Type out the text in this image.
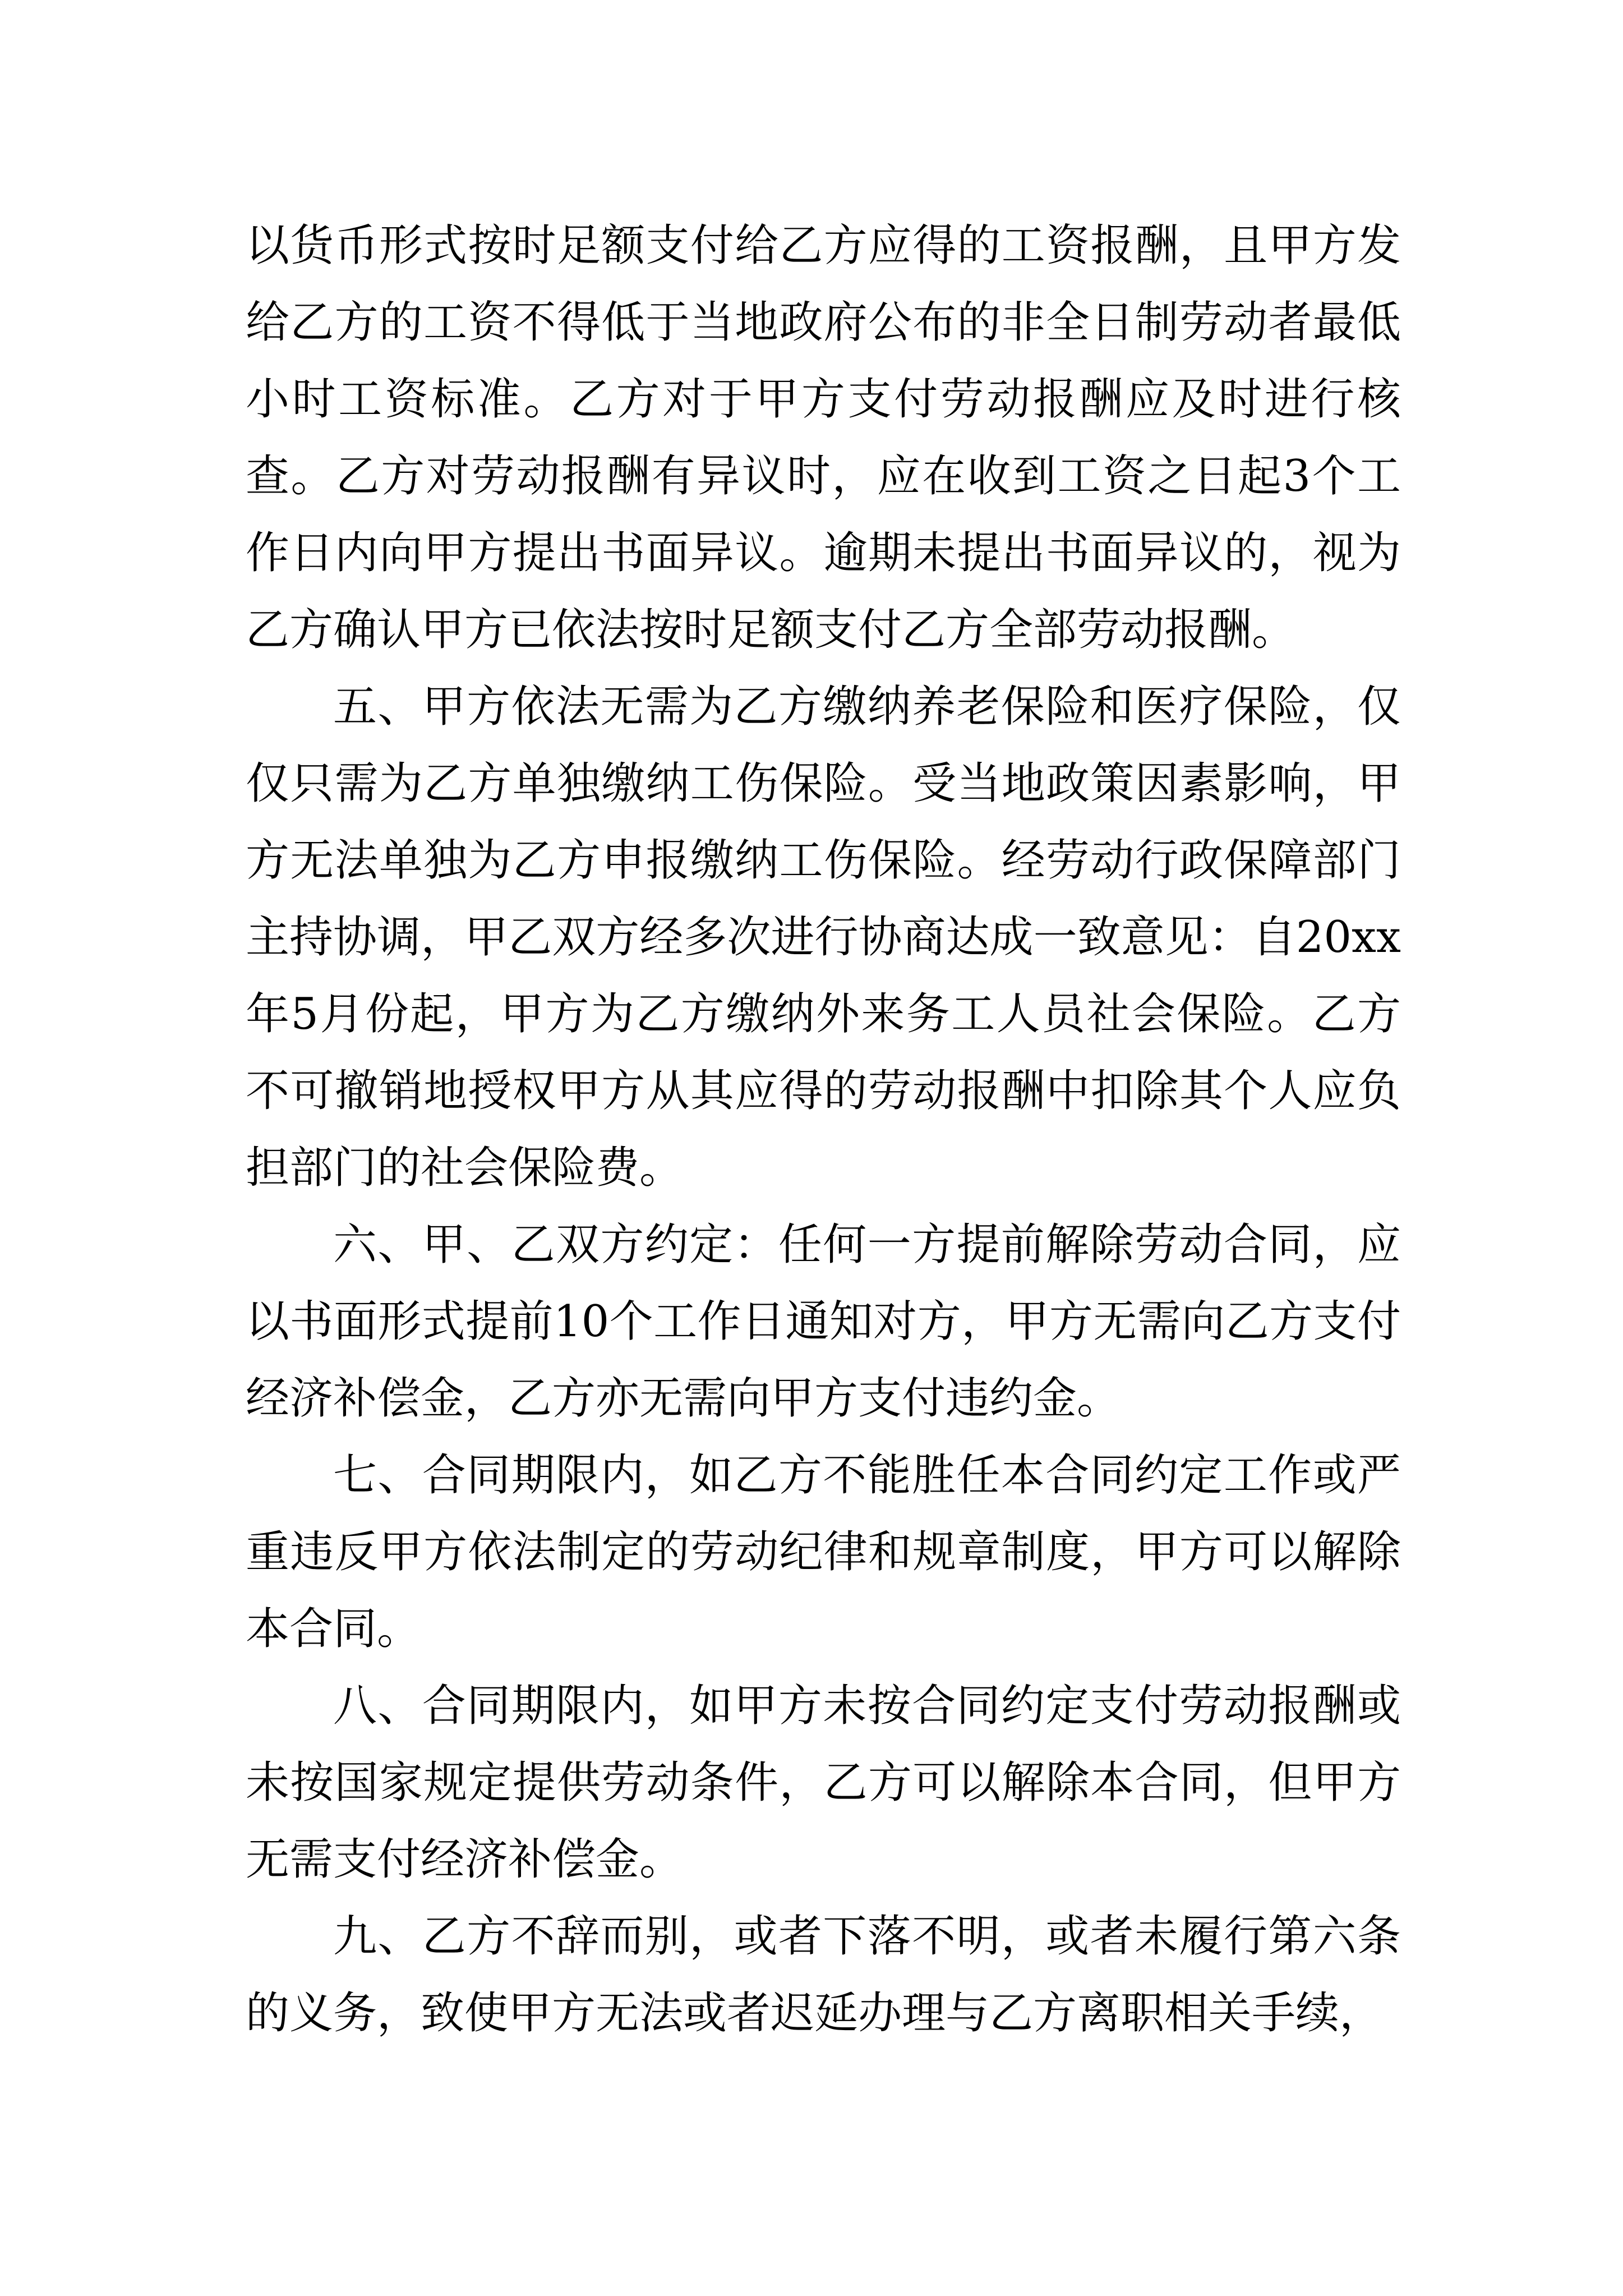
以货币形式按时足额支付给乙方应得的工资报酬，且甲方发给乙方的工资不得低于当地政府公布的非全日制劳动者最低小时工资标准。乙方对于甲方支付劳动报酬应及时进行核查。乙方对劳动报酬有异议时，应在收到工资之日起3个工作日内向甲方提出书面异议。逾期未提出书面异议的，视为乙方确认甲方已依法按时足额支付乙方全部劳动报酬。

五、甲方依法无需为乙方缴纳养老保险和医疗保险，仅仅只需为乙方单独缴纳工伤保险。受当地政策因素影响，甲方无法单独为乙方申报缴纳工伤保险。经劳动行政保障部门主持协调，甲乙双方经多次进行协商达成一致意见：自20xx年5月份起，甲方为乙方缴纳外来务工人员社会保险。乙方不可撤销地授权甲方从其应得的劳动报酬中扣除其个人应负担部门的社会保险费。

六、甲、乙双方约定：任何一方提前解除劳动合同，应以书面形式提前10个工作日通知对方，甲方无需向乙方支付经济补偿金，乙方亦无需向甲方支付违约金。

七、合同期限内，如乙方不能胜任本合同约定工作或严重违反甲方依法制定的劳动纪律和规章制度，甲方可以解除本合同。

八、合同期限内，如甲方未按合同约定支付劳动报酬或未按国家规定提供劳动条件，乙方可以解除本合同，但甲方无需支付经济补偿金。

九、乙方不辞而别，或者下落不明，或者未履行第六条的义务，致使甲方无法或者迟延办理与乙方离职相关手续，
